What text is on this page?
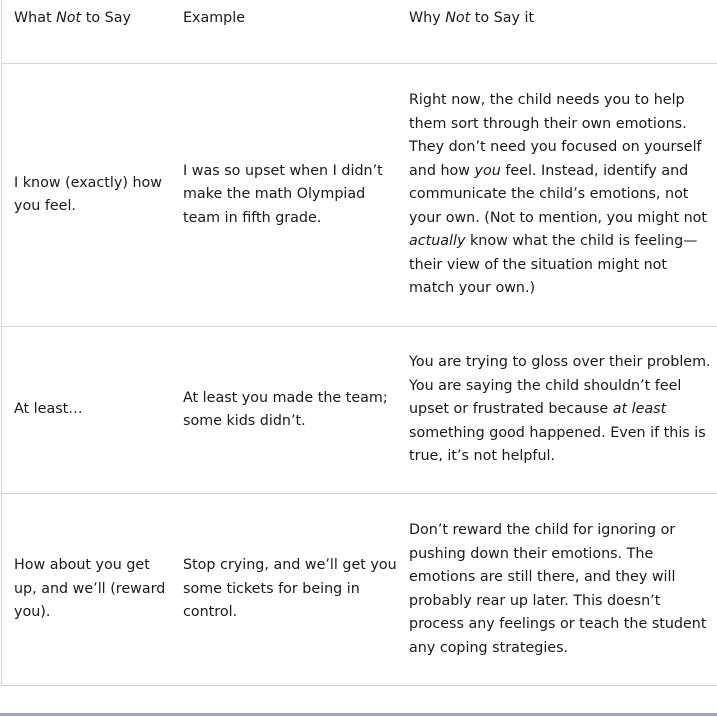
What Not to Say	Example	Why Not to Say it
I know (exactly) how you feel.
I was so upset when I didn’t make the math Olympiad team in fifth grade.
Right now, the child needs you to help them sort through their own emotions. They don’t need you focused on yourself and how you feel. Instead, identify and communicate the child’s emotions, not your own. (Not to mention, you might not actually know what the child is feeling—their view of the situation might not match your own.)
At least…
At least you made the team; some kids didn’t.
You are trying to gloss over their problem. You are saying the child shouldn’t feel upset or frustrated because at least something good happened. Even if this is true, it’s not helpful.
How about you get up, and we’ll (reward you).
Stop crying, and we’ll get you some tickets for being in control.
Don’t reward the child for ignoring or pushing down their emotions. The emotions are still there, and they will probably rear up later. This doesn’t process any feelings or teach the student any coping strategies.
